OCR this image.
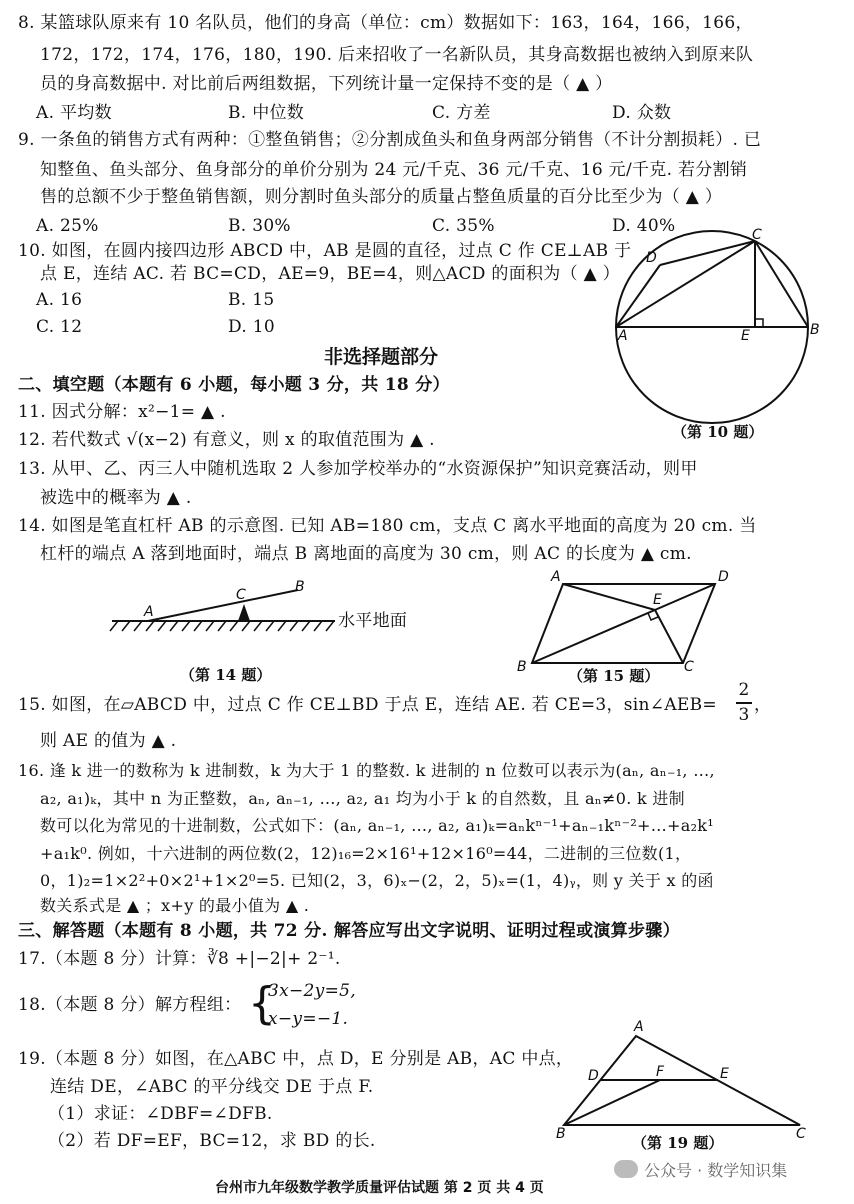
8. 某篮球队原来有 10 名队员，他们的身高（单位：cm）数据如下：163，164，166，166，
172，172，174，176，180，190. 后来招收了一名新队员，其身高数据也被纳入到原来队
员的身高数据中. 对比前后两组数据，下列统计量一定保持不变的是（ ▲ ）
A. 平均数	B. 中位数	C. 方差	D. 众数
9. 一条鱼的销售方式有两种：①整鱼销售；②分割成鱼头和鱼身两部分销售（不计分割损耗）. 已
知整鱼、鱼头部分、鱼身部分的单价分别为 24 元/千克、36 元/千克、16 元/千克. 若分割销
售的总额不少于整鱼销售额，则分割时鱼头部分的质量占整鱼质量的百分比至少为（ ▲ ）
A. 25%	B. 30%	C. 35%	D. 40%
10. 如图，在圆内接四边形 ABCD 中，AB 是圆的直径，过点 C 作 CE⊥AB 于
点 E，连结 AC. 若 BC=CD，AE=9，BE=4，则△ACD 的面积为（ ▲ ）
A. 16	B. 15
C. 12	D. 10
C
D
A	E	B
（第 10 题）
非选择题部分
二、填空题（本题有 6 小题，每小题 3 分，共 18 分）
11. 因式分解：x²−1= ▲ .
12. 若代数式 √(x−2) 有意义，则 x 的取值范围为 ▲ .
13. 从甲、乙、丙三人中随机选取 2 人参加学校举办的“水资源保护”知识竞赛活动，则甲
被选中的概率为 ▲ .
14. 如图是笔直杠杆 AB 的示意图. 已知 AB=180 cm，支点 C 离水平地面的高度为 20 cm. 当
杠杆的端点 A 落到地面时，端点 B 离地面的高度为 30 cm，则 AC 的长度为 ▲ cm.
A
C	B
水平地面
（第 14 题）
A	D
E
B	C
（第 15 题）
15. 如图，在▱ABCD 中，过点 C 作 CE⊥BD 于点 E，连结 AE. 若 CE=3，sin∠AEB=
2
3 ，
则 AE 的值为 ▲ .
16. 逢 k 进一的数称为 k 进制数，k 为大于 1 的整数. k 进制的 n 位数可以表示为(aₙ, aₙ₋₁, …,
a₂, a₁)ₖ，其中 n 为正整数，aₙ, aₙ₋₁, …, a₂, a₁ 均为小于 k 的自然数，且 aₙ≠0. k 进制
数可以化为常见的十进制数，公式如下：(aₙ, aₙ₋₁, …, a₂, a₁)ₖ=aₙkⁿ⁻¹+aₙ₋₁kⁿ⁻²+…+a₂k¹
+a₁k⁰. 例如，十六进制的两位数(2，12)₁₆=2×16¹+12×16⁰=44，二进制的三位数(1，
0，1)₂=1×2²+0×2¹+1×2⁰=5. 已知(2，3，6)ₓ−(2，2，5)ₓ=(1，4)ᵧ，则 y 关于 x 的函
数关系式是 ▲ ；x+y 的最小值为 ▲ .
三、解答题（本题有 8 小题，共 72 分. 解答应写出文字说明、证明过程或演算步骤）
17.（本题 8 分）计算：∛8 +|−2|+ 2⁻¹.
18.（本题 8 分）解方程组： {
3x−2y=5,
x−y=−1.
19.（本题 8 分）如图，在△ABC 中，点 D，E 分别是 AB，AC 中点，
连结 DE，∠ABC 的平分线交 DE 于点 F.
（1）求证：∠DBF=∠DFB.
（2）若 DF=EF，BC=12，求 BD 的长.
A
D	F	E
B	C
（第 19 题）
台州市九年级数学教学质量评估试题 第 2 页 共 4 页
公众号 · 数学知识集
